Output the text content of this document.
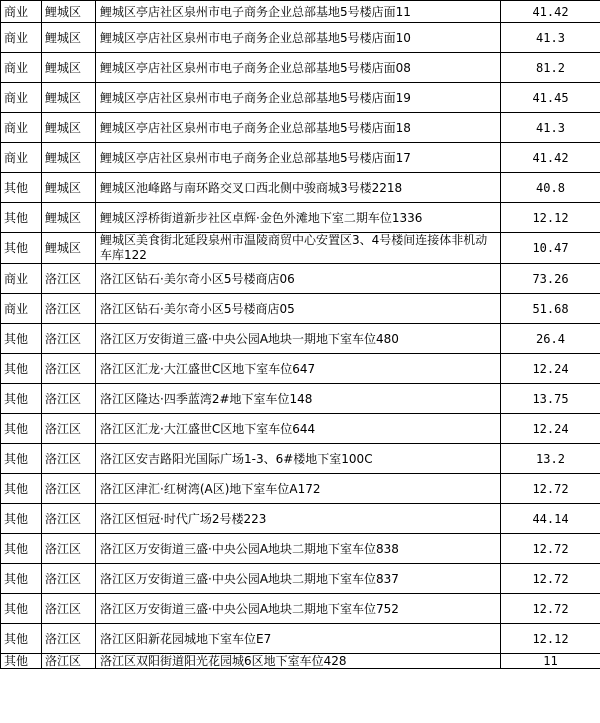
商业	鲤城区	鲤城区亭店社区泉州市电子商务企业总部基地5号楼店面11	41.42
商业	鲤城区	鲤城区亭店社区泉州市电子商务企业总部基地5号楼店面10	41.3
商业	鲤城区	鲤城区亭店社区泉州市电子商务企业总部基地5号楼店面08	81.2
商业	鲤城区	鲤城区亭店社区泉州市电子商务企业总部基地5号楼店面19	41.45
商业	鲤城区	鲤城区亭店社区泉州市电子商务企业总部基地5号楼店面18	41.3
商业	鲤城区	鲤城区亭店社区泉州市电子商务企业总部基地5号楼店面17	41.42
其他	鲤城区	鲤城区池峰路与南环路交叉口西北侧中骏商城3号楼2218	40.8
其他	鲤城区	鲤城区浮桥街道新步社区卓辉·金色外滩地下室二期车位1336	12.12
其他	鲤城区	鲤城区美食街北延段泉州市温陵商贸中心安置区3、4号楼间连接体非机动车库122	10.47
商业	洛江区	洛江区钻石·美尔奇小区5号楼商店06	73.26
商业	洛江区	洛江区钻石·美尔奇小区5号楼商店05	51.68
其他	洛江区	洛江区万安街道三盛·中央公园A地块一期地下室车位480	26.4
其他	洛江区	洛江区汇龙·大江盛世C区地下室车位647	12.24
其他	洛江区	洛江区隆达·四季蓝湾2#地下室车位148	13.75
其他	洛江区	洛江区汇龙·大江盛世C区地下室车位644	12.24
其他	洛江区	洛江区安吉路阳光国际广场1-3、6#楼地下室100C	13.2
其他	洛江区	洛江区津汇·红树湾(A区)地下室车位A172	12.72
其他	洛江区	洛江区恒冠·时代广场2号楼223	44.14
其他	洛江区	洛江区万安街道三盛·中央公园A地块二期地下室车位838	12.72
其他	洛江区	洛江区万安街道三盛·中央公园A地块二期地下室车位837	12.72
其他	洛江区	洛江区万安街道三盛·中央公园A地块二期地下室车位752	12.72
其他	洛江区	洛江区阳新花园城地下室车位E7	12.12
其他	洛江区	洛江区双阳街道阳光花园城6区地下室车位428	11
